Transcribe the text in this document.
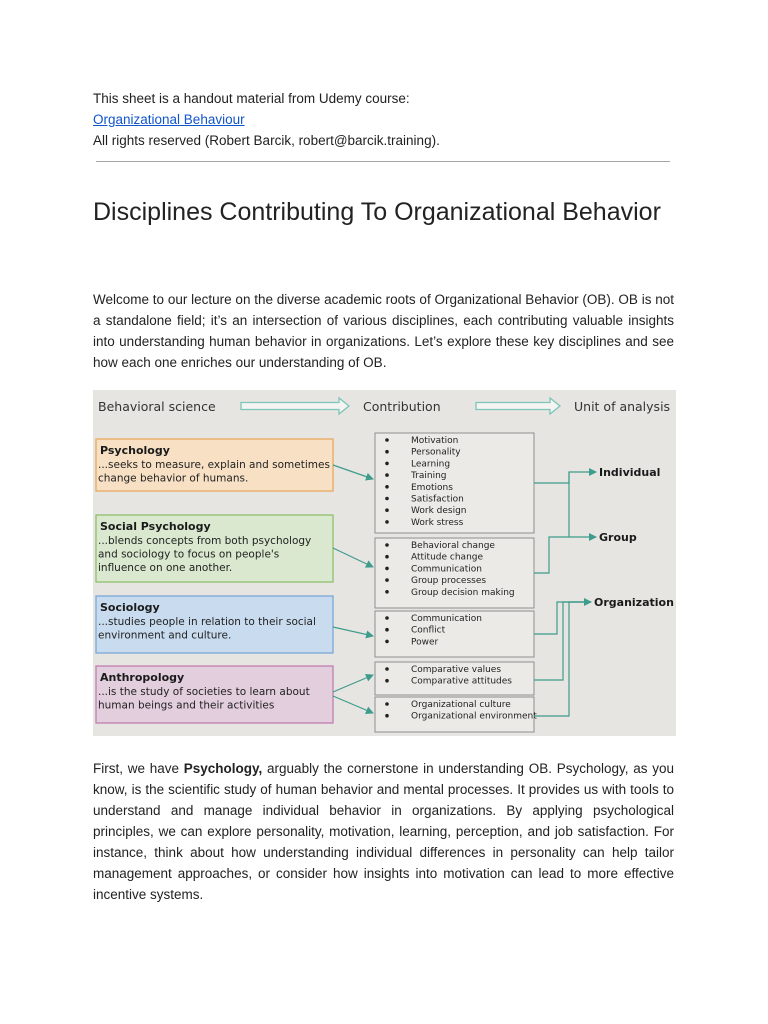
This sheet is a handout material from Udemy course:
Organizational Behaviour
All rights reserved (Robert Barcik, robert@barcik.training).
Disciplines Contributing To Organizational Behavior

Welcome to our lecture on the diverse academic roots of Organizational Behavior (OB). OB is not a standalone field; it’s an intersection of various disciplines, each contributing valuable insights into understanding human behavior in organizations. Let’s explore these key disciplines and see how each one enriches our understanding of OB.

Behavioral science	Contribution	Unit of analysis
Psychology
...seeks to measure, explain and sometimes
change behavior of humans.
Social Psychology
...blends concepts from both psychology
and sociology to focus on people's
influence on one another.
Sociology
...studies people in relation to their social
environment and culture.
Anthropology
...is the study of societies to learn about
human beings and their activities
Motivation
Personality
Learning
Training
Emotions
Satisfaction
Work design
Work stress
Behavioral change
Attitude change
Communication
Group processes
Group decision making
Communication
Conflict
Power
Comparative values
Comparative attitudes
Organizational culture
Organizational environment
Individual
Group
Organization

First, we have Psychology, arguably the cornerstone in understanding OB. Psychology, as you know, is the scientific study of human behavior and mental processes. It provides us with tools to understand and manage individual behavior in organizations. By applying psychological principles, we can explore personality, motivation, learning, perception, and job satisfaction. For instance, think about how understanding individual differences in personality can help tailor management approaches, or consider how insights into motivation can lead to more effective incentive systems.
